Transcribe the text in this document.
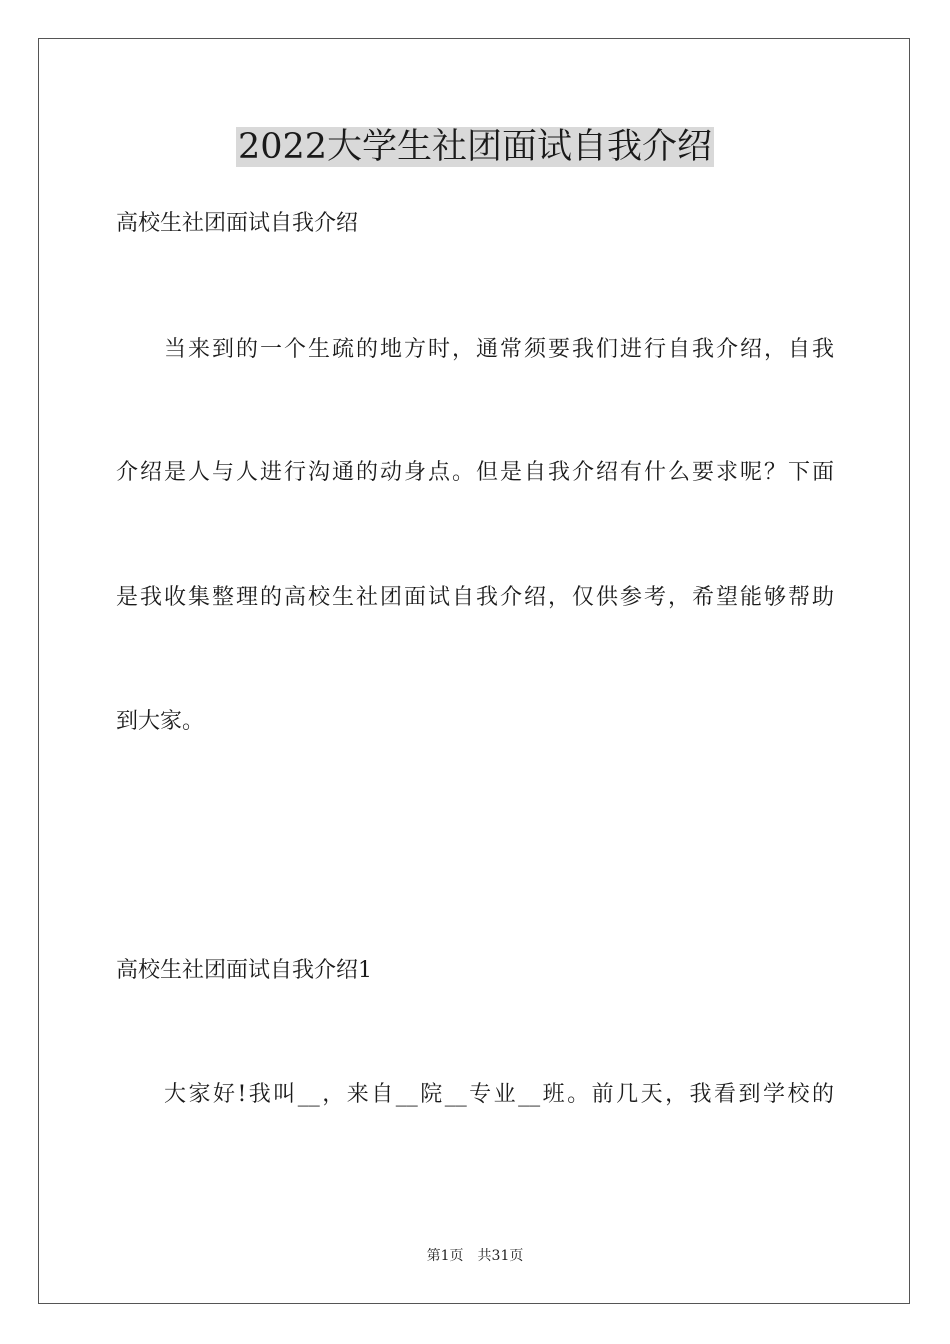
2022大学生社团面试自我介绍

高校生社团面试自我介绍

当来到的一个生疏的地方时，通常须要我们进行自我介绍，自我

介绍是人与人进行沟通的动身点。但是自我介绍有什么要求呢？下面

是我收集整理的高校生社团面试自我介绍，仅供参考，希望能够帮助

到大家。

高校生社团面试自我介绍1

大家好!我叫__，来自__院__专业__班。前几天，我看到学校的

第1页　共31页
